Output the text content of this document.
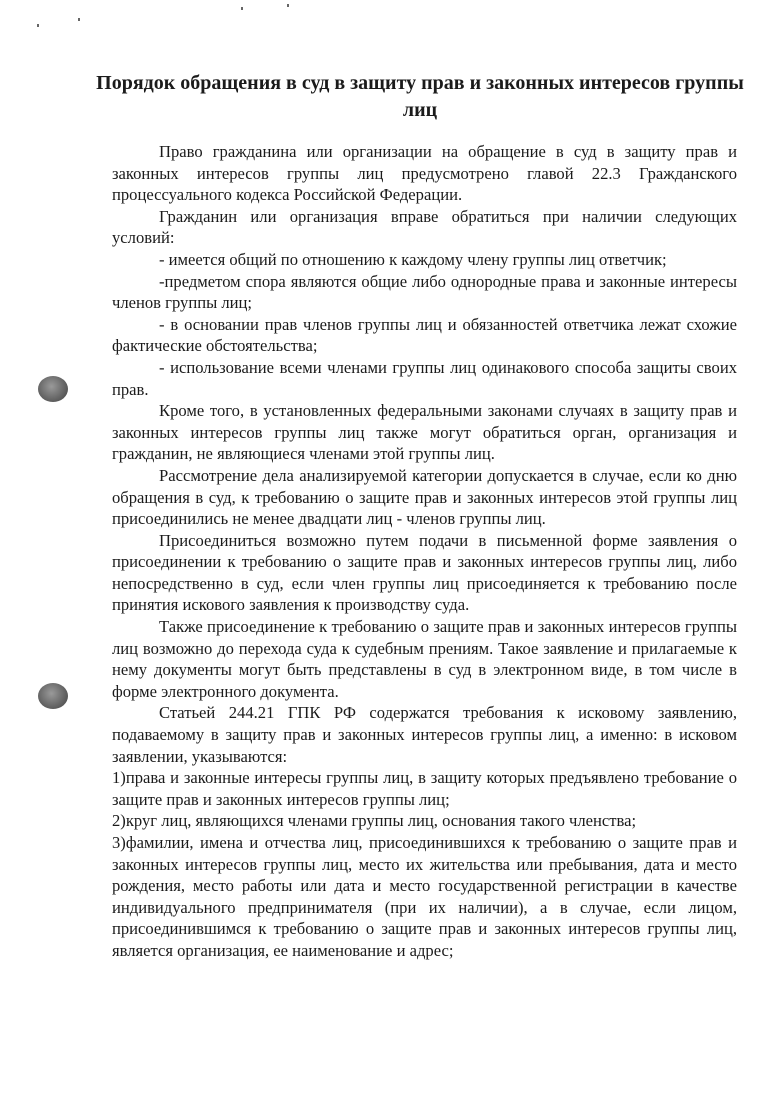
Порядок обращения в суд в защиту прав и законных интересов группы лиц

Право гражданина или организации на обращение в суд в защиту прав и законных интересов группы лиц предусмотрено главой 22.3 Гражданского процессуального кодекса Российской Федерации.

Гражданин или организация вправе обратиться при наличии следующих условий:

- имеется общий по отношению к каждому члену группы лиц ответчик;

-предметом спора являются общие либо однородные права и законные интересы членов группы лиц;

- в основании прав членов группы лиц и обязанностей ответчика лежат схожие фактические обстоятельства;

- использование всеми членами группы лиц одинакового способа защиты своих прав.

Кроме того, в установленных федеральными законами случаях в защиту прав и законных интересов группы лиц также могут обратиться орган, организация и гражданин, не являющиеся членами этой группы лиц.

Рассмотрение дела анализируемой категории допускается в случае, если ко дню обращения в суд, к требованию о защите прав и законных интересов этой группы лиц присоединились не менее двадцати лиц - членов группы лиц.

Присоединиться возможно путем подачи в письменной форме заявления о присоединении к требованию о защите прав и законных интересов группы лиц, либо непосредственно в суд, если член группы лиц присоединяется к требованию после принятия искового заявления к производству суда.

Также присоединение к требованию о защите прав и законных интересов группы лиц возможно до перехода суда к судебным прениям. Такое заявление и прилагаемые к нему документы могут быть представлены в суд в электронном виде, в том числе в форме электронного документа.

Статьей 244.21 ГПК РФ содержатся требования к исковому заявлению, подаваемому в защиту прав и законных интересов группы лиц, а именно: в исковом заявлении, указываются:

1)права и законные интересы группы лиц, в защиту которых предъявлено требование о защите прав и законных интересов группы лиц;

2)круг лиц, являющихся членами группы лиц, основания такого членства;

3)фамилии, имена и отчества лиц, присоединившихся к требованию о защите прав и законных интересов группы лиц, место их жительства или пребывания, дата и место рождения, место работы или дата и место государственной регистрации в качестве индивидуального предпринимателя (при их наличии), а в случае, если лицом, присоединившимся к требованию о защите прав и законных интересов группы лиц, является организация, ее наименование и адрес;
